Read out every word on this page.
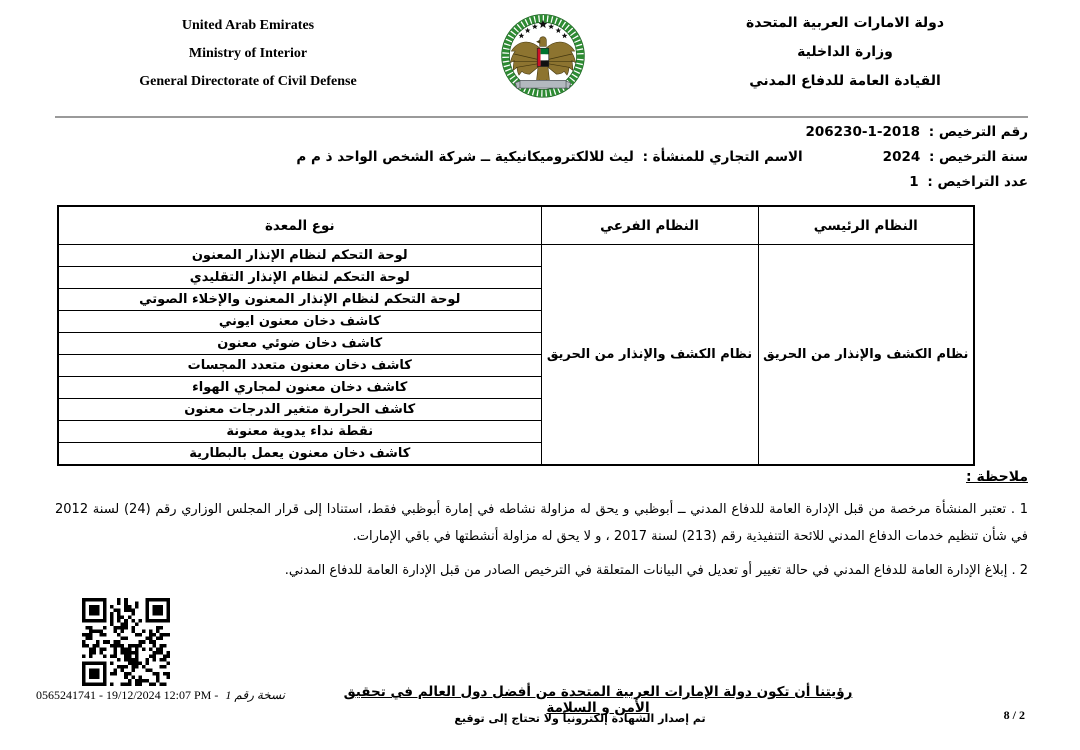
United Arab Emirates
Ministry of Interior
General Directorate of Civil Defense
دولة الامارات العربية المتحدة
وزارة الداخلية
القيادة العامة للدفاع المدني
رقم الترخيص : 206230-1-2018
سنة الترخيص : 2024
الاسم التجاري للمنشأة : ليث للالكتروميكانيكية ــ شركة الشخص الواحد ذ م م
عدد التراخيص : 1
النظام الرئيسي	النظام الفرعي	نوع المعدة
نظام الكشف والإنذار من الحريق	نظام الكشف والإنذار من الحريق	لوحة التحكم لنظام الإنذار المعنون
		لوحة التحكم لنظام الإنذار التقليدي
		لوحة التحكم لنظام الإنذار المعنون والإخلاء الصوتي
		كاشف دخان معنون ايوني
		كاشف دخان ضوئي معنون
		كاشف دخان معنون متعدد المجسات
		كاشف دخان معنون لمجاري الهواء
		كاشف الحرارة متغير الدرجات معنون
		نقطة نداء يدوية معنونة
		كاشف دخان معنون يعمل بالبطارية
ملاحظة :
1 . تعتبر المنشأة مرخصة من قبل الإدارة العامة للدفاع المدني ــ أبوظبي و يحق له مزاولة نشاطه في إمارة أبوظبي فقط، استنادا إلى قرار المجلس الوزاري رقم (24) لسنة 2012 في شأن تنظيم خدمات الدفاع المدني للائحة التنفيذية رقم (213) لسنة 2017 ، و لا يحق له مزاولة أنشطتها في باقي الإمارات.
2 . إبلاغ الإدارة العامة للدفاع المدني في حالة تغيير أو تعديل في البيانات المتعلقة في الترخيص الصادر من قبل الإدارة العامة للدفاع المدني.
0565241741 - 19/12/2024 12:07 PM - نسخة رقم 1	رؤيتنا أن تكون دولة الإمارات العربية المتحدة من أفضل دول العالم في تحقيق الأمن و السلامة
تم إصدار الشهادة إلكترونياً ولا تحتاج إلى توقيع	8 / 2
